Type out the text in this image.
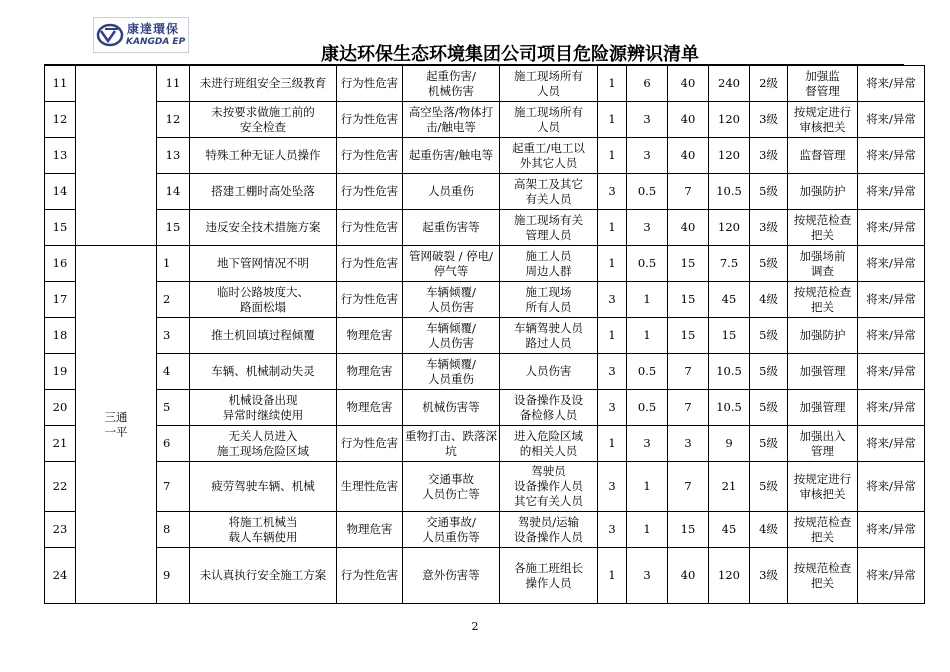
康達環保
KANGDA EP
康达环保生态环境集团公司项目危险源辨识清单
11		11	未进行班组安全三级教育	行为性危害	起重伤害/
机械伤害	施工现场所有
人员	1	6	40	240	2级	加强监
督管理	将来/异常
12		12	未按要求做施工前的
安全检查	行为性危害	高空坠落/物体打
击/触电等	施工现场所有
人员	1	3	40	120	3级	按规定进行
审核把关	将来/异常
13		13	特殊工种无证人员操作	行为性危害	起重伤害/触电等	起重工/电工以
外其它人员	1	3	40	120	3级	监督管理	将来/异常
14		14	搭建工棚时高处坠落	行为性危害	人员重伤	高架工及其它
有关人员	3	0.5	7	10.5	5级	加强防护	将来/异常
15		15	违反安全技术措施方案	行为性危害	起重伤害等	施工现场有关
管理人员	1	3	40	120	3级	按规范检查
把关	将来/异常
16	三通
一平	1	地下管网情况不明	行为性危害	管网破裂 / 停电/
停气等	施工人员
周边人群	1	0.5	15	7.5	5级	加强场前
调查	将来/异常
17		2	临时公路坡度大、
路面松塌	行为性危害	车辆倾覆/
人员伤害	施工现场
所有人员	3	1	15	45	4级	按规范检查
把关	将来/异常
18		3	推土机回填过程倾覆	物理危害	车辆倾覆/
人员伤害	车辆驾驶人员
路过人员	1	1	15	15	5级	加强防护	将来/异常
19		4	车辆、机械制动失灵	物理危害	车辆倾覆/
人员重伤	人员伤害	3	0.5	7	10.5	5级	加强管理	将来/异常
20		5	机械设备出现
异常时继续使用	物理危害	机械伤害等	设备操作及设
备检修人员	3	0.5	7	10.5	5级	加强管理	将来/异常
21		6	无关人员进入
施工现场危险区域	行为性危害	重物打击、跌落深
坑	进入危险区域
的相关人员	1	3	3	9	5级	加强出入
管理	将来/异常
22		7	疲劳驾驶车辆、机械	生理性危害	交通事故
人员伤亡等	驾驶员
设备操作人员
其它有关人员	3	1	7	21	5级	按规定进行
审核把关	将来/异常
23		8	将施工机械当
载人车辆使用	物理危害	交通事故/
人员重伤等	驾驶员/运输
设备操作人员	3	1	15	45	4级	按规范检查
把关	将来/异常
24		9	未认真执行安全施工方案	行为性危害	意外伤害等	各施工班组长
操作人员	1	3	40	120	3级	按规范检查
把关	将来/异常
2
